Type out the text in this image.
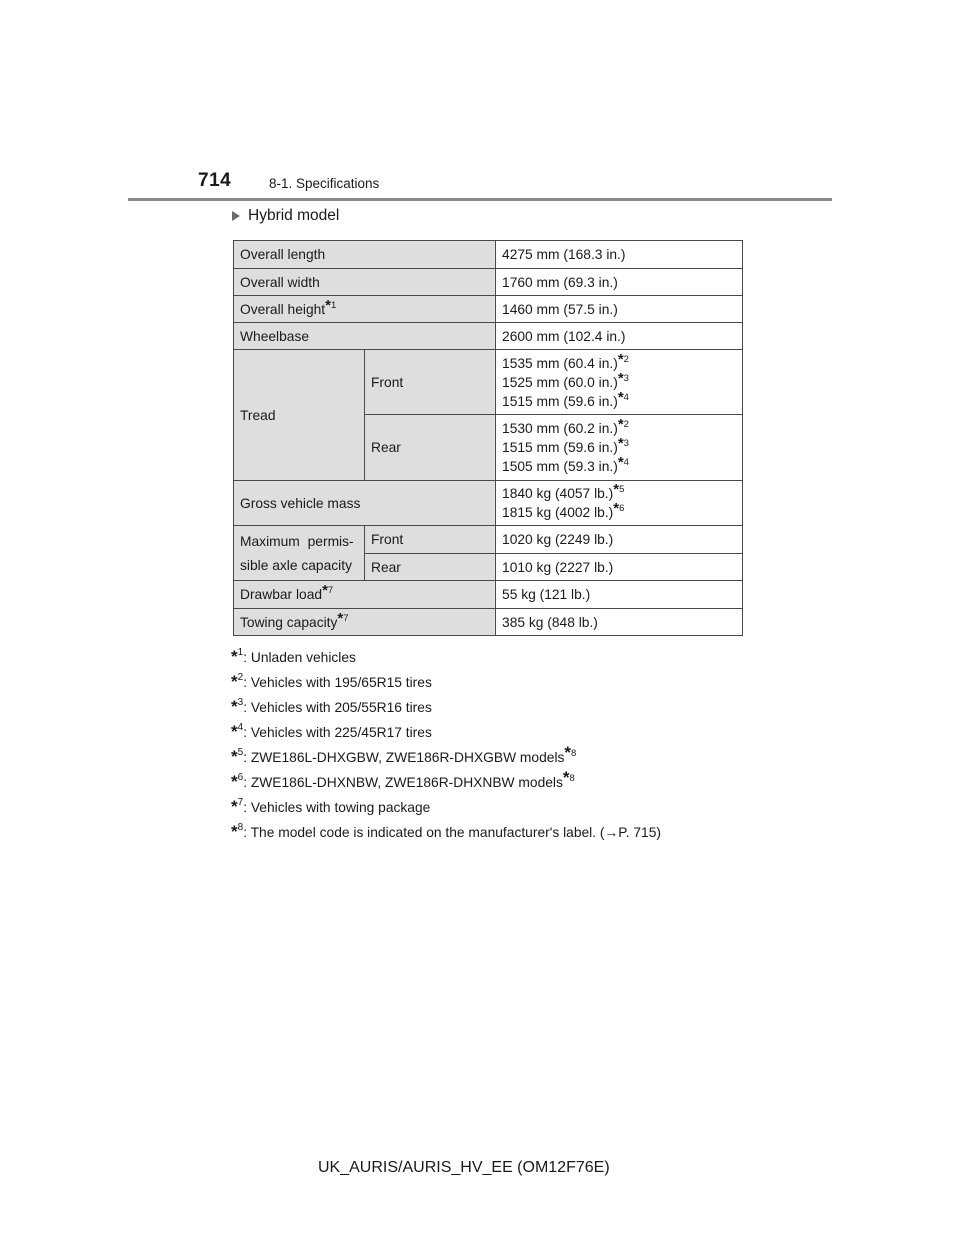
714	8-1. Specifications
Hybrid model
Overall length		4275 mm (168.3 in.)
Overall width		1760 mm (69.3 in.)
Overall height$^{*1}$		1460 mm (57.5 in.)
Wheelbase		2600 mm (102.4 in.)
Tread	Front	1535 mm (60.4 in.)$^{*2}$
1525 mm (60.0 in.)$^{*3}$
1515 mm (59.6 in.)$^{*4}$

	Rear	1530 mm (60.2 in.)$^{*2}$
1515 mm (59.6 in.)$^{*3}$
1505 mm (59.3 in.)$^{*4}$

Gross vehicle mass		1840 kg (4057 lb.)$^{*5}$
1815 kg (4002 lb.)$^{*6}$

Maximum permis-
sible axle capacity	Front	1020 kg (2249 lb.)
	Rear	1010 kg (2227 lb.)
Drawbar load$^{*7}$		55 kg (121 lb.)
Towing capacity$^{*7}$		385 kg (848 lb.)
*$^1$: Unladen vehicles
*$^2$: Vehicles with 195/65R15 tires
*$^3$: Vehicles with 205/55R16 tires
*$^4$: Vehicles with 225/45R17 tires
*$^5$: ZWE186L-DHXGBW, ZWE186R-DHXGBW models$^{*8}$
*$^6$: ZWE186L-DHXNBW, ZWE186R-DHXNBW models$^{*8}$
*$^7$: Vehicles with towing package
*$^8$: The model code is indicated on the manufacturer's label. (→P. 715)
UK_AURIS/AURIS_HV_EE (OM12F76E)
